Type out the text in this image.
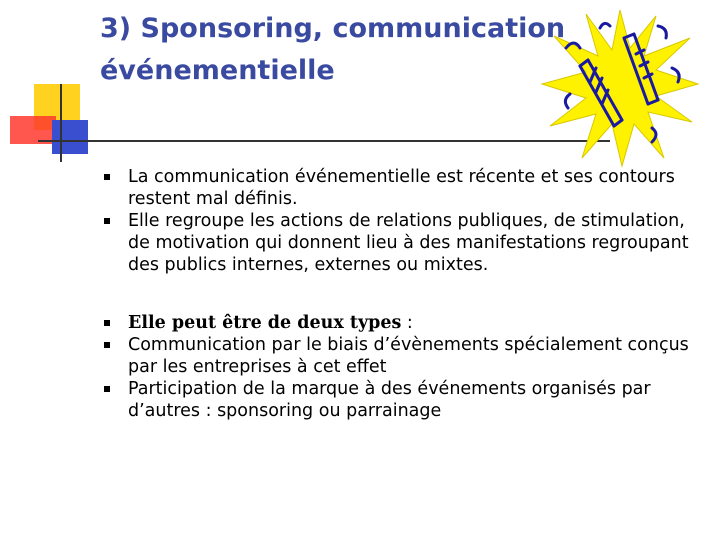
3) Sponsoring, communication
événementielle
La communication événementielle est récente et ses contours restent mal définis.
Elle regroupe les actions de relations publiques, de stimulation, de motivation qui donnent lieu à des manifestations regroupant des publics internes, externes ou mixtes.
Elle peut être de deux types :
Communication par le biais d’évènements spécialement conçus par les entreprises à cet effet
Participation de la marque à des événements organisés par d’autres : sponsoring ou parrainage
